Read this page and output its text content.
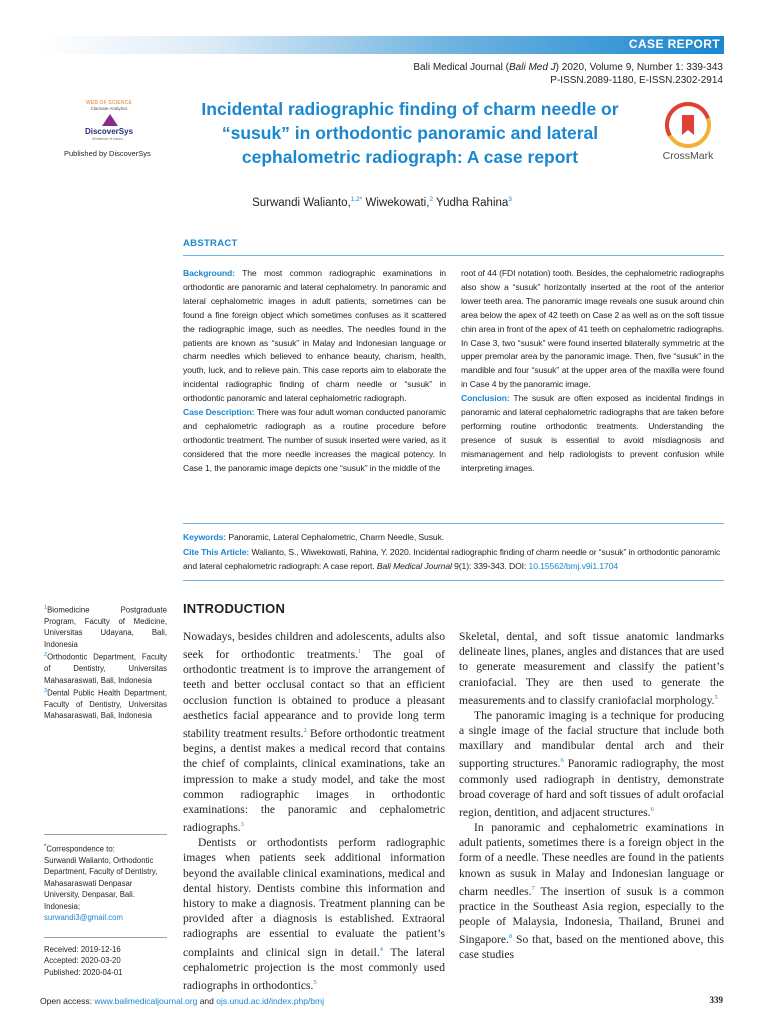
CASE REPORT
Bali Medical Journal (Bali Med J) 2020, Volume 9, Number 1: 339-343
P-ISSN.2089-1180, E-ISSN.2302-2914
WEB OF SCIENCE
Clarivate Analytics
DiscoverSys
Whatever it takes...
Published by DiscoverSys
Incidental radiographic finding of charm needle or “susuk” in orthodontic panoramic and lateral cephalometric radiograph: A case report	CrossMark
Surwandi Walianto,$^{1,2*}$ Wiwekowati,$^2$ Yudha Rahina$^3$
ABSTRACT
Background: The most common radiographic examinations in orthodontic are panoramic and lateral cephalometry. In panoramic and lateral cephalometric images in adult patients, sometimes can be found a fine foreign object which sometimes confuses as it scattered the radiographic image, such as needles. The needles found in the patients are known as “susuk” in Malay and Indonesian language or charm needles which believed to enhance beauty, charism, health, youth, luck, and to relieve pain. This case reports aim to elaborate the incidental radiographic finding of charm needle or “susuk” in orthodontic panoramic and lateral cephalometric radiograph.
Case Description: There was four adult woman conducted panoramic and cephalometric radiograph as a routine procedure before orthodontic treatment. The number of susuk inserted were varied, as it considered that the more needle increases the magical potency. In Case 1, the panoramic image depicts one “susuk” in the middle of the
root of 44 (FDI notation) tooth. Besides, the cephalometric radiographs also show a “susuk” horizontally inserted at the root of the anterior lower teeth area. The panoramic image reveals one susuk around chin area below the apex of 42 teeth on Case 2 as well as on the soft tissue chin area in front of the apex of 41 teeth on cephalometric radiographs. In Case 3, two “susuk” were found inserted bilaterally symmetric at the upper premolar area by the panoramic image. Then, five “susuk” in the mandible and four “susuk” at the upper area of the maxilla were found in Case 4 by the panoramic image.
Conclusion: The susuk are often exposed as incidental findings in panoramic and lateral cephalometric radiographs that are taken before performing routine orthodontic treatments. Understanding the presence of susuk is essential to avoid misdiagnosis and mismanagement and help radiologists to prevent confusion while interpreting images.
Keywords: Panoramic, Lateral Cephalometric, Charm Needle, Susuk.
Cite This Article: Walianto, S., Wiwekowati, Rahina, Y. 2020. Incidental radiographic finding of charm needle or “susuk” in orthodontic panoramic and lateral cephalometric radiograph: A case report. Bali Medical Journal 9(1): 339-343. DOI: 10.15562/bmj.v9i1.1704
$^1$Biomedicine Postgraduate Program, Faculty of Medicine, Universitas Udayana, Bali, Indonesia
$^2$Orthodontic Department, Faculty of Dentistry, Universitas Mahasaraswati, Bali, Indonesia
$^3$Dental Public Health Department, Faculty of Dentistry, Universitas Mahasaraswati, Bali, Indonesia
*Correspondence to:
Surwandi Walianto, Orthodontic Department, Faculty of Dentistry, Mahasaraswati Denpasar University, Denpasar, Bali. Indonesia;
surwandi3@gmail.com
Received: 2019-12-16
Accepted: 2020-03-20
Published: 2020-04-01
INTRODUCTION

Nowadays, besides children and adolescents, adults also seek for orthodontic treatments.$^1$ The goal of orthodontic treatment is to improve the arrangement of teeth and better occlusal contact so that an efficient occlusion function is obtained to produce a pleasant aesthetics facial appearance and to provide long term stability treatment results.$^2$ Before orthodontic treatment begins, a dentist makes a medical record that contains the chief of complaints, clinical examinations, take an impression to make a study model, and take the most common radiographic images in orthodontic examinations: the panoramic and cephalometric radiographs.$^3$

Dentists or orthodontists perform radiographic images when patients seek additional information beyond the available clinical examinations, medical and dental history. Dentists combine this information and history to make a diagnosis. Treatment planning can be provided after a diagnosis is established. Extraoral radiographs are essential to evaluate the patient’s complaints and clinical sign in detail.$^4$ The lateral cephalometric projection is the most commonly used radiographs in orthodontics.$^5$

Skeletal, dental, and soft tissue anatomic landmarks delineate lines, planes, angles and distances that are used to generate measurement and classify the patient’s craniofacial. They are then used to generate the measurements and to classify craniofacial morphology.$^5$

The panoramic imaging is a technique for producing a single image of the facial structure that include both maxillary and mandibular dental arch and their supporting structures.$^6$ Panoramic radiography, the most commonly used radiograph in dentistry, demonstrate broad coverage of hard and soft tissues of adult orofacial region, dentition, and adjacent structures.$^6$

In panoramic and cephalometric examinations in adult patients, sometimes there is a foreign object in the form of a needle. These needles are found in the patients known as susuk in Malay and Indonesian language or charm needles.$^7$ The insertion of susuk is a common practice in the Southeast Asia region, especially to the people of Malaysia, Indonesia, Thailand, Brunei and Singapore.$^8$ So that, based on the mentioned above, this case studies

Open access: www.balimedicaljournal.org and ojs.unud.ac.id/index.php/bmj	339
